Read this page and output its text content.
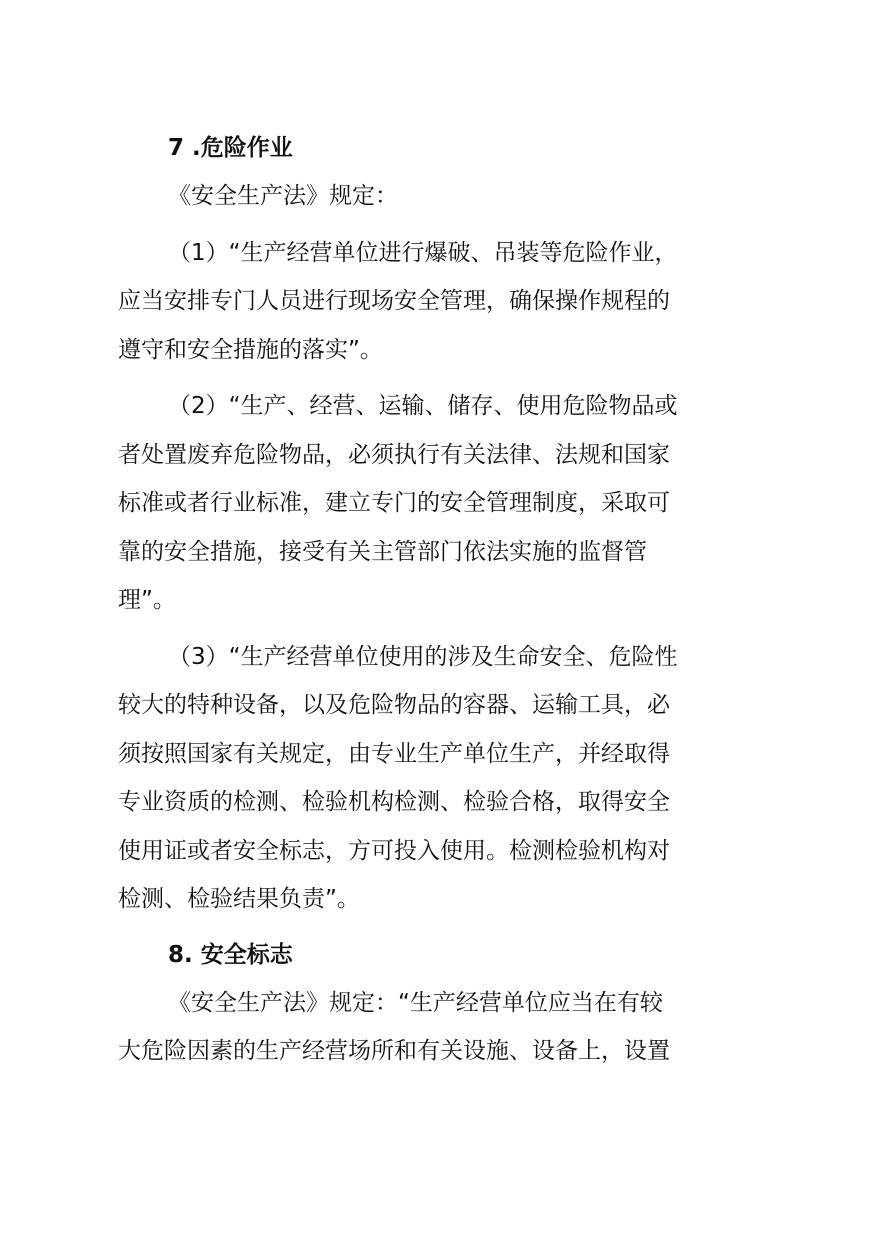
7 .危险作业

《安全生产法》规定：

（1）“生产经营单位进行爆破、吊装等危险作业，
应当安排专门人员进行现场安全管理，确保操作规程的
遵守和安全措施的落实”。

（2）“生产、经营、运输、储存、使用危险物品或
者处置废弃危险物品，必须执行有关法律、法规和国家
标准或者行业标准，建立专门的安全管理制度，采取可
靠的安全措施，接受有关主管部门依法实施的监督管
理”。

（3）“生产经营单位使用的涉及生命安全、危险性
较大的特种设备，以及危险物品的容器、运输工具，必
须按照国家有关规定，由专业生产单位生产，并经取得
专业资质的检测、检验机构检测、检验合格，取得安全
使用证或者安全标志，方可投入使用。检测检验机构对
检测、检验结果负责”。

8. 安全标志

《安全生产法》规定：“生产经营单位应当在有较
大危险因素的生产经营场所和有关设施、设备上，设置
